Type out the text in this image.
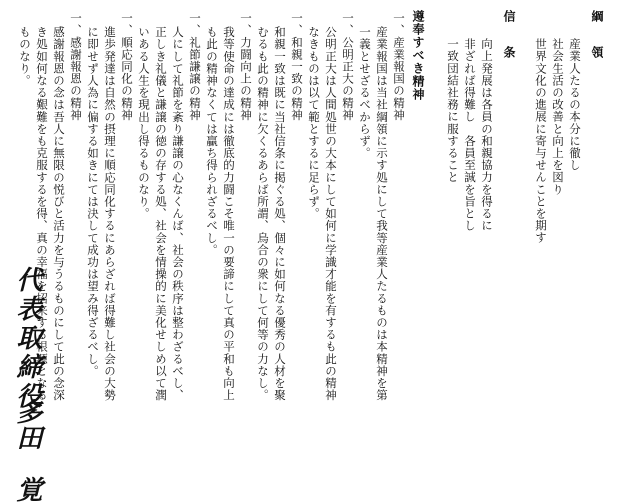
綱　領
産業人たるの本分に徹し
社会生活の改善と向上を図り
世界文化の進展に寄与せんことを期す
信　条
向上発展は各員の和親協力を得るに
非ざれば得難し　各員至誠を旨とし
一致団結社務に服すること
遵奉すべき精神
一、産業報国の精神
産業報国は当社綱領に示す処にして我等産業人たるものは本精神を第
一義とせざるべからず。
一、公明正大の精神
公明正大は人間処世の大本にして如何に学識才能を有するも此の精神
なきものは以て範とするに足らず。
一、和親一致の精神
和親一致は既に当社信条に掲ぐる処、個々に如何なる優秀の人材を聚
むるも此の精神に欠くるあらば所謂、烏合の衆にして何等の力なし。
一、力闘向上の精神
我等使命の達成には徹底的力闘こそ唯一の要諦にして真の平和も向上
も此の精神なくては贏ち得られざるべし。
一、礼節謙譲の精神
人にして礼節を紊り謙譲の心なくんば、社会の秩序は整わざるべし、
正しき礼儀と謙譲の徳の存する処、社会を情操的に美化せしめ以て潤
いある人生を現出し得るものなり。
一、順応同化の精神
進歩発達は自然の摂理に順応同化するにあらざれば得難し社会の大勢
に即せず人為に偏する如きにては決して成功は望み得ざるべし。
一、感謝報恩の精神
感謝報恩の念は吾人に無限の悦びと活力を与うるものにして此の念深
き処如何なる艱難をも克服するを得、真の幸福を招来する根源となる
ものなり。
代表取締役
多田　覚
